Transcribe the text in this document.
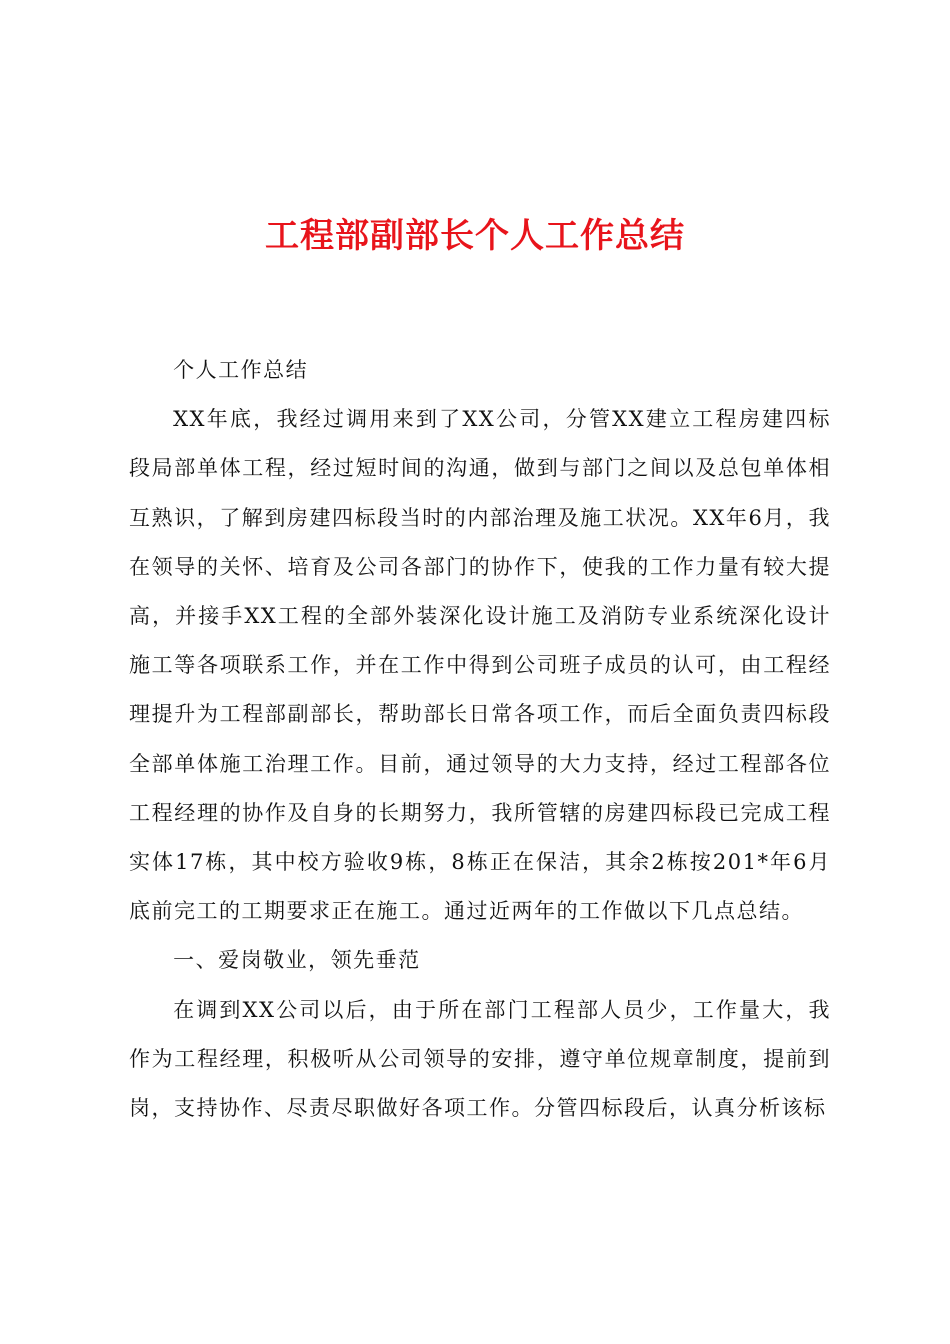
工程部副部长个人工作总结

个人工作总结

XX年底，我经过调用来到了XX公司，分管XX建立工程房建四标段局部单体工程，经过短时间的沟通，做到与部门之间以及总包单体相互熟识，了解到房建四标段当时的内部治理及施工状况。XX年6月，我在领导的关怀、培育及公司各部门的协作下，使我的工作力量有较大提高，并接手XX工程的全部外装深化设计施工及消防专业系统深化设计施工等各项联系工作，并在工作中得到公司班子成员的认可，由工程经理提升为工程部副部长，帮助部长日常各项工作，而后全面负责四标段全部单体施工治理工作。目前，通过领导的大力支持，经过工程部各位工程经理的协作及自身的长期努力，我所管辖的房建四标段已完成工程实体17栋，其中校方验收9栋，8栋正在保洁，其余2栋按201*年6月底前完工的工期要求正在施工。通过近两年的工作做以下几点总结。

一、爱岗敬业，领先垂范

在调到XX公司以后，由于所在部门工程部人员少，工作量大，我作为工程经理，积极听从公司领导的安排，遵守单位规章制度，提前到岗，支持协作、尽责尽职做好各项工作。分管四标段后，认真分析该标
